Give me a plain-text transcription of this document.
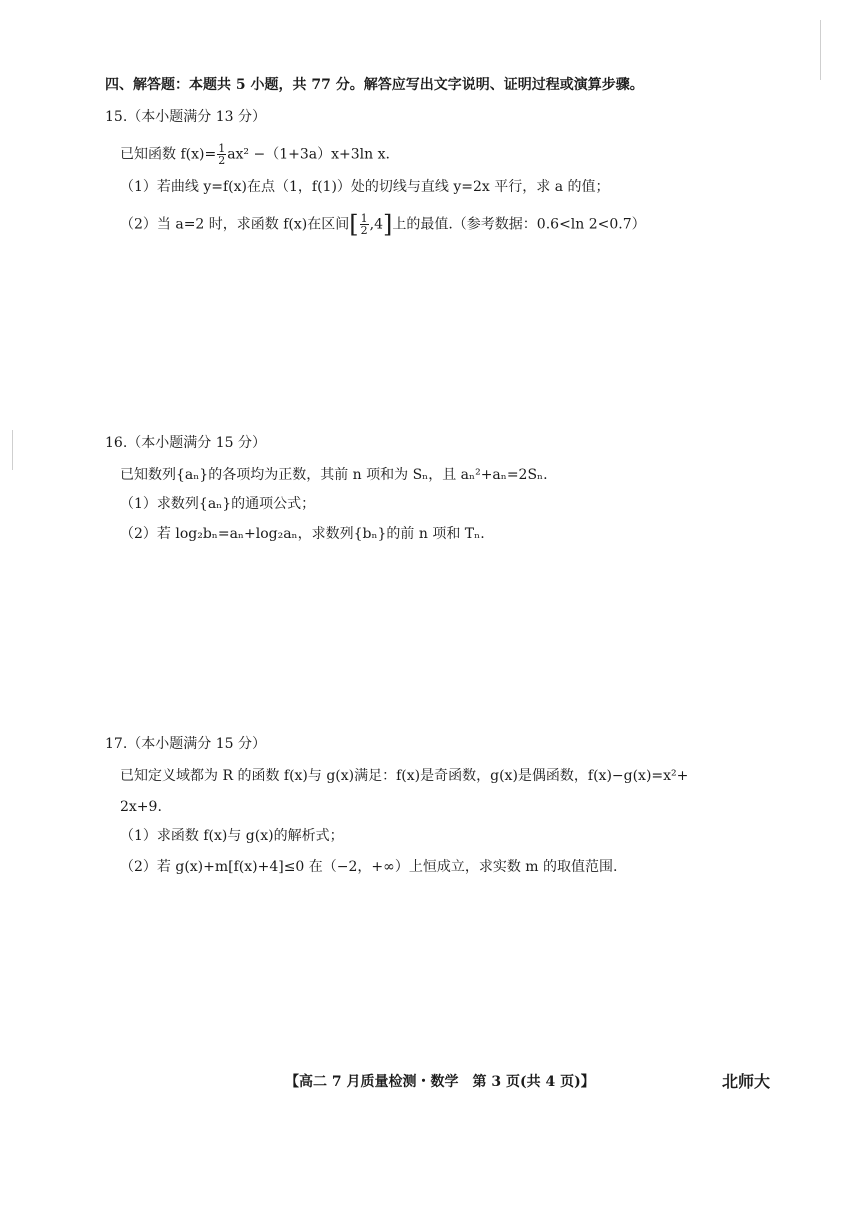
四、解答题：本题共 5 小题，共 77 分。解答应写出文字说明、证明过程或演算步骤。
15.（本小题满分 13 分）
已知函数 $f(x)= \frac{1}{2} ax^2 -(1+3a)x+3\ln$ x.
（1）若曲线 y=f(x)在点（1，f(1)）处的切线与直线 y=2x 平行，求 a 的值；
（2）当 a=2 时，求函数 f(x)在区间[ $\frac{1}{2} ,4$]上的最值.（参考数据：0.6<ln 2<0.7）
16.（本小题满分 15 分）
已知数列{aₙ}的各项均为正数，其前 n 项和为 Sₙ，且 aₙ²+aₙ=2Sₙ.
（1）求数列{aₙ}的通项公式；
（2）若 log₂bₙ=aₙ+log₂aₙ，求数列{bₙ}的前 n 项和 Tₙ.
17.（本小题满分 15 分）
已知定义域都为 R 的函数 f(x)与 g(x)满足：f(x)是奇函数，g(x)是偶函数，f(x)−g(x)=x²+
2x+9.
（1）求函数 f(x)与 g(x)的解析式；
（2）若 g(x)+m[f(x)+4]≤0 在（−2，+∞）上恒成立，求实数 m 的取值范围.
【高二 7 月质量检测・数学　第 3 页(共 4 页)】	北师大
